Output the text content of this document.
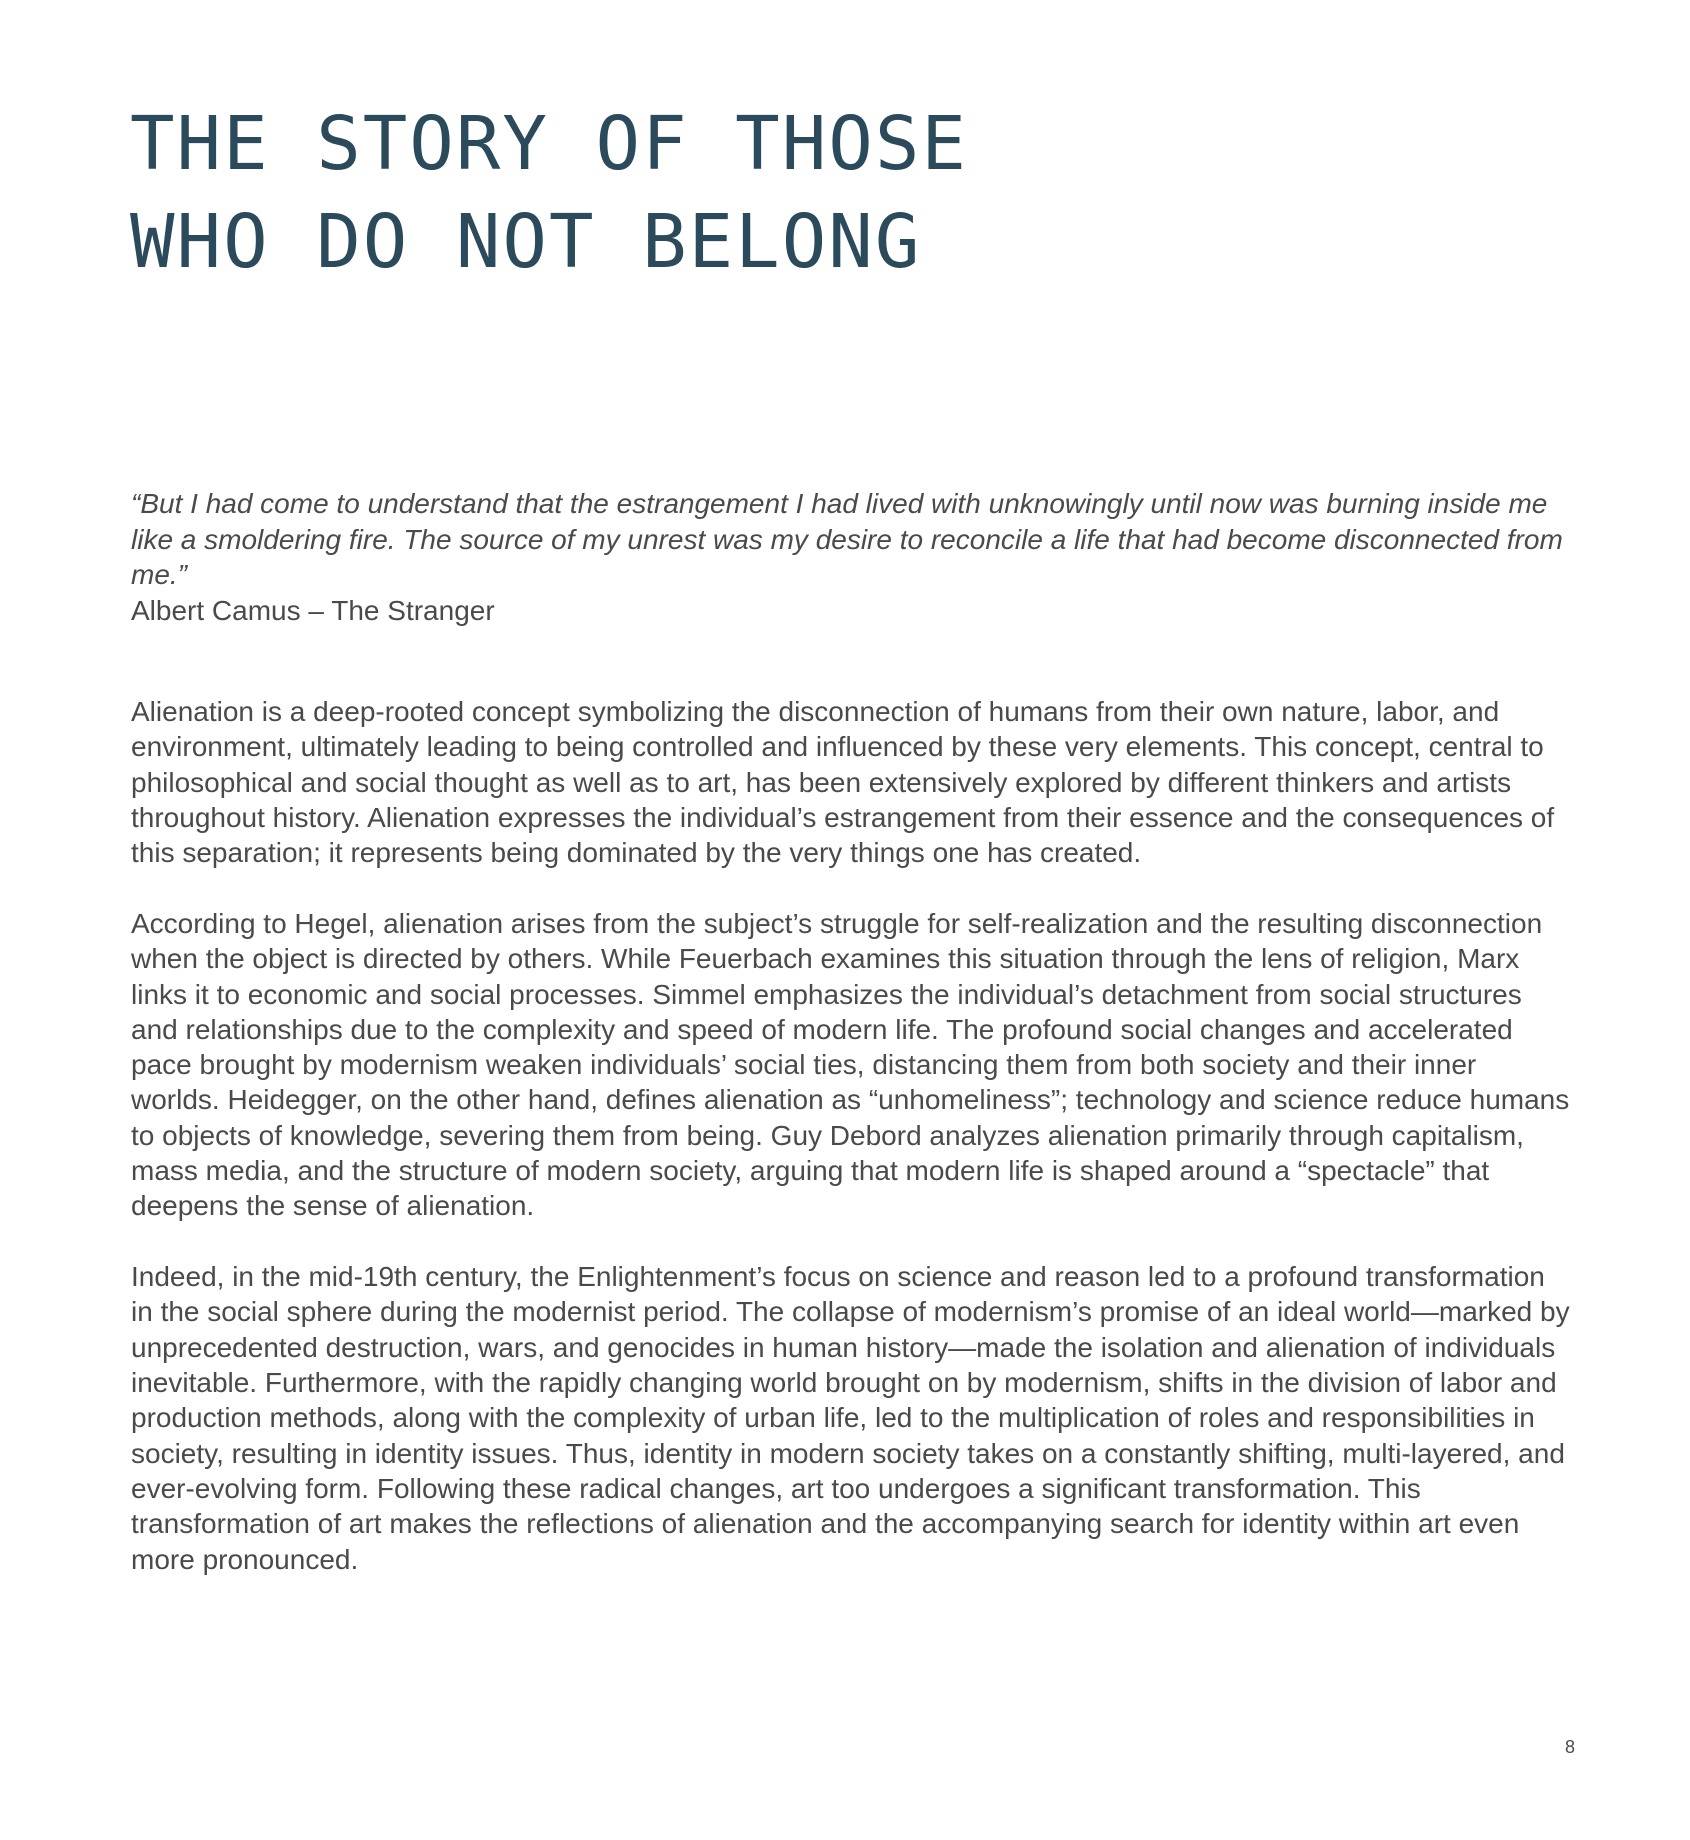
THE STORY OF THOSE
WHO DO NOT BELONG

“But I had come to understand that the estrangement I had lived with unknowingly until now was burning inside me like a smoldering fire. The source of my unrest was my desire to reconcile a life that had become disconnected from me.”

Albert Camus – The Stranger

Alienation is a deep-rooted concept symbolizing the disconnection of humans from their own nature, labor, and environment, ultimately leading to being controlled and influenced by these very elements. This concept, central to philosophical and social thought as well as to art, has been extensively explored by different thinkers and artists throughout history. Alienation expresses the individual’s estrangement from their essence and the consequences of this separation; it represents being dominated by the very things one has created.

According to Hegel, alienation arises from the subject’s struggle for self-realization and the resulting disconnection when the object is directed by others. While Feuerbach examines this situation through the lens of religion, Marx links it to economic and social processes. Simmel emphasizes the individual’s detachment from social structures and relationships due to the complexity and speed of modern life. The profound social changes and accelerated pace brought by modernism weaken individuals’ social ties, distancing them from both society and their inner worlds. Heidegger, on the other hand, defines alienation as “unhomeliness”; technology and science reduce humans to objects of knowledge, severing them from being. Guy Debord analyzes alienation primarily through capitalism, mass media, and the structure of modern society, arguing that modern life is shaped around a “spectacle” that deepens the sense of alienation.

Indeed, in the mid-19th century, the Enlightenment’s focus on science and reason led to a profound transformation in the social sphere during the modernist period. The collapse of modernism’s promise of an ideal world—marked by unprecedented destruction, wars, and genocides in human history—made the isolation and alienation of individuals inevitable. Furthermore, with the rapidly changing world brought on by modernism, shifts in the division of labor and production methods, along with the complexity of urban life, led to the multiplication of roles and responsibilities in society, resulting in identity issues. Thus, identity in modern society takes on a constantly shifting, multi-layered, and ever-evolving form. Following these radical changes, art too undergoes a significant transformation. This transformation of art makes the reflections of alienation and the accompanying search for identity within art even more pronounced.

8
